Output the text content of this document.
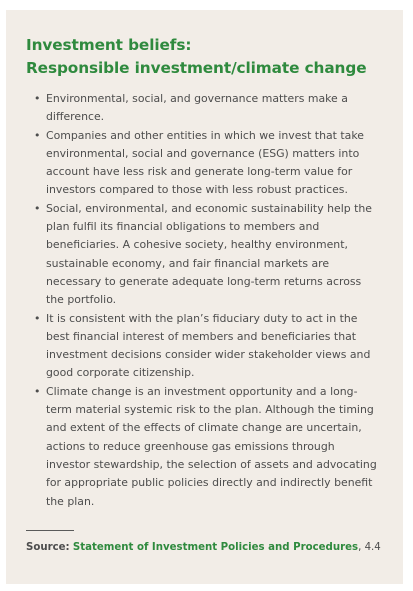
Investment beliefs:
Responsible investment/climate change
• Environmental, social, and governance matters make a difference.
• Companies and other entities in which we invest that take environmental, social and governance (ESG) matters into account have less risk and generate long-term value for investors compared to those with less robust practices.
• Social, environmental, and economic sustainability help the plan fulfil its financial obligations to members and beneficiaries. A cohesive society, healthy environment, sustainable economy, and fair financial markets are necessary to generate adequate long-term returns across the portfolio.
• It is consistent with the plan’s fiduciary duty to act in the best financial interest of members and beneficiaries that investment decisions consider wider stakeholder views and good corporate citizenship.
• Climate change is an investment opportunity and a long-term material systemic risk to the plan. Although the timing and extent of the effects of climate change are uncertain, actions to reduce greenhouse gas emissions through investor stewardship, the selection of assets and advocating for appropriate public policies directly and indirectly benefit the plan.

Source: Statement of Investment Policies and Procedures, 4.4
